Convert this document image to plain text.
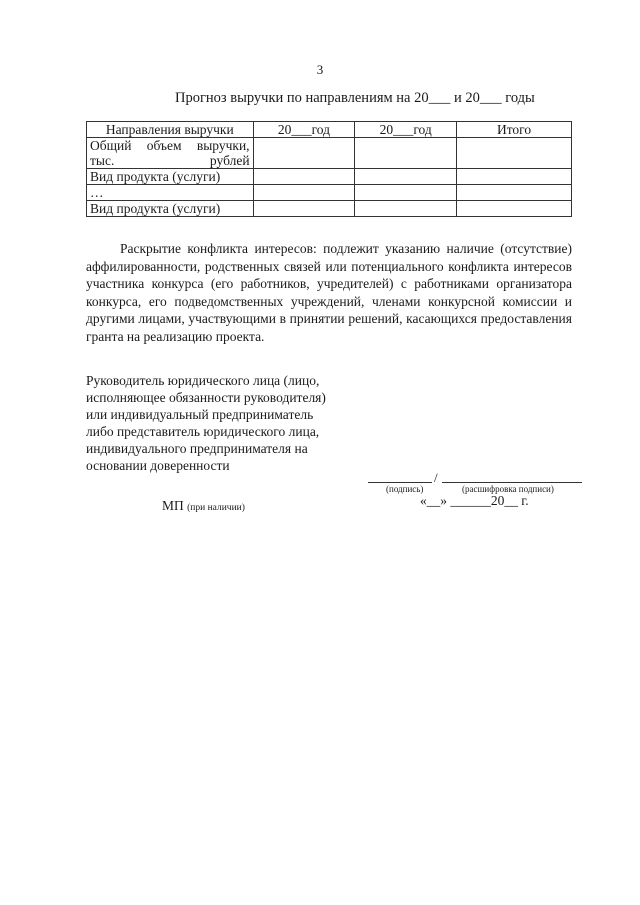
3
Прогноз выручки по направлениям на 20___ и 20___ годы
Направления выручки	20___год	20___год	Итого
Общий объем выручки, тыс. рублей			
Вид продукта (услуги)			
…			
Вид продукта (услуги)			
Раскрытие конфликта интересов: подлежит указанию наличие (отсутствие) аффилированности, родственных связей или потенциального конфликта интересов участника конкурса (его работников, учредителей) с работниками организатора конкурса, его подведомственных учреждений, членами конкурсной комиссии и другими лицами, участвующими в принятии решений, касающихся предоставления гранта на реализацию проекта.
Руководитель юридического лица (лицо, исполняющее обязанности руководителя) или индивидуальный предприниматель либо представитель юридического лица, индивидуального предпринимателя на основании доверенности
/
(подпись)	(расшифровка подписи)
«__» ______20__ г.
МП (при наличии)
